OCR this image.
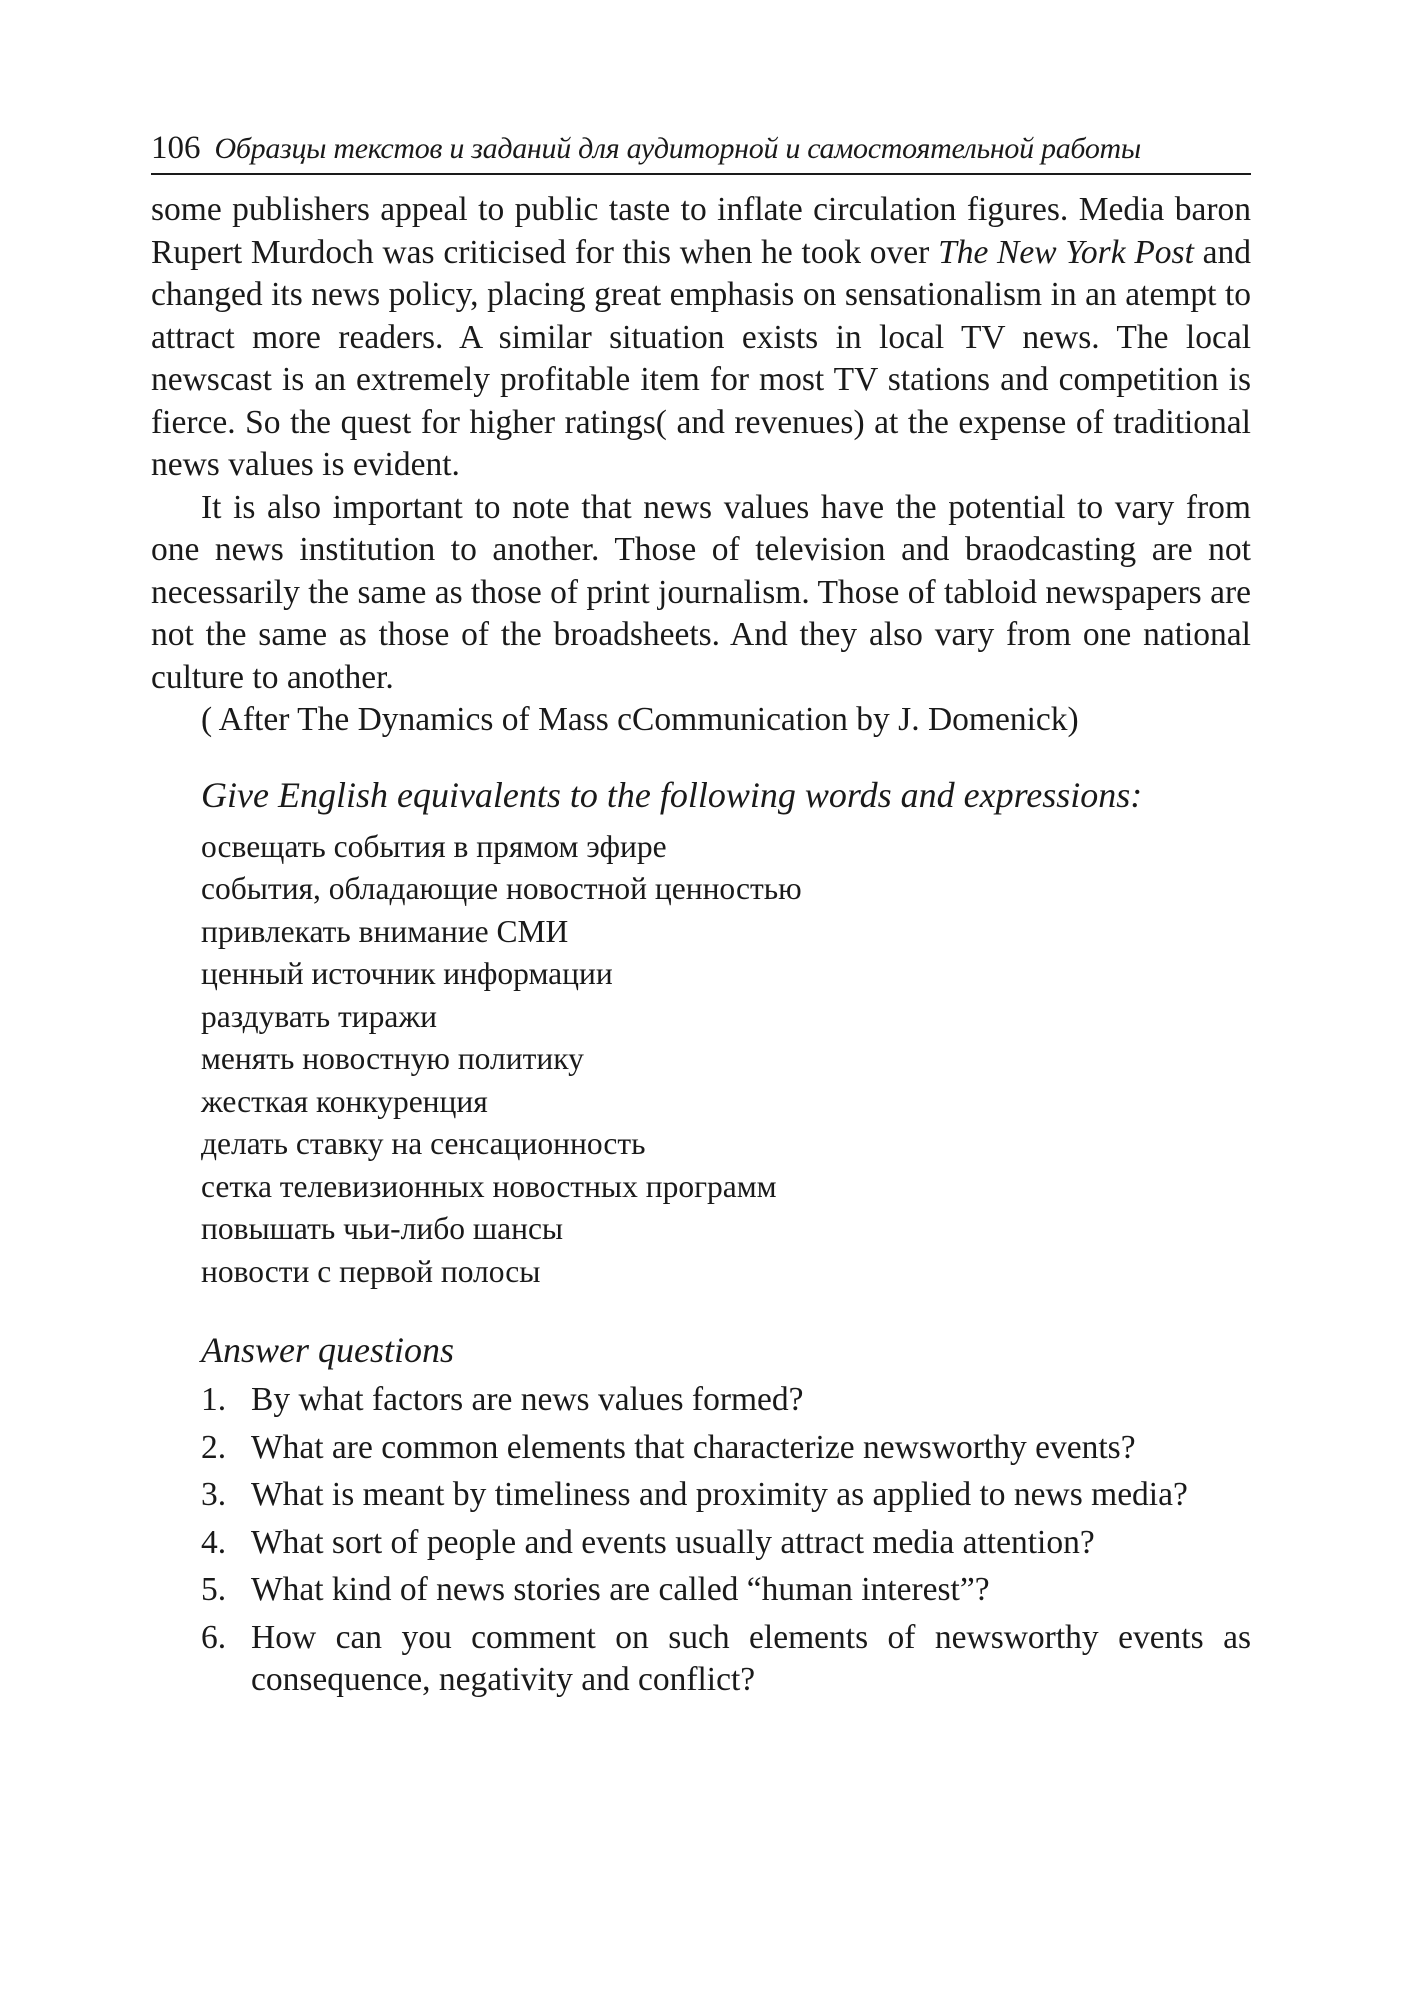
106 Образцы текстов и заданий для аудиторной и самостоятельной работы

some publishers appeal to public taste to inflate circulation figures. Media baron Rupert Murdoch was criticised for this when he took over The New York Post and changed its news policy, placing great emphasis on sensationalism in an atempt to attract more readers. A similar situation exists in local TV news. The local newscast is an extremely profitable item for most TV stations and competition is fierce. So the quest for higher ratings( and revenues) at the expense of traditional news values is evident.

It is also important to note that news values have the potential to vary from one news institution to another. Those of television and braodcasting are not necessarily the same as those of print journalism. Those of tabloid newspapers are not the same as those of the broadsheets. And they also vary from one national culture to another.

( After The Dynamics of Mass cCommunication by J. Domenick)

Give English equivalents to the following words and expressions:
освещать события в прямом эфире
события, обладающие новостной ценностью
привлекать внимание СМИ
ценный источник информации
раздувать тиражи
менять новостную политику
жесткая конкуренция
делать ставку на сенсационность
сетка телевизионных новостных программ
повышать чьи-либо шансы
новости с первой полосы
Answer questions
1. By what factors are news values formed?
2. What are common elements that characterize newsworthy events?
3. What is meant by timeliness and proximity as applied to news media?
4. What sort of people and events usually attract media attention?
5. What kind of news stories are called “human interest”?
6. How can you comment on such elements of newsworthy events as consequence, negativity and conflict?
